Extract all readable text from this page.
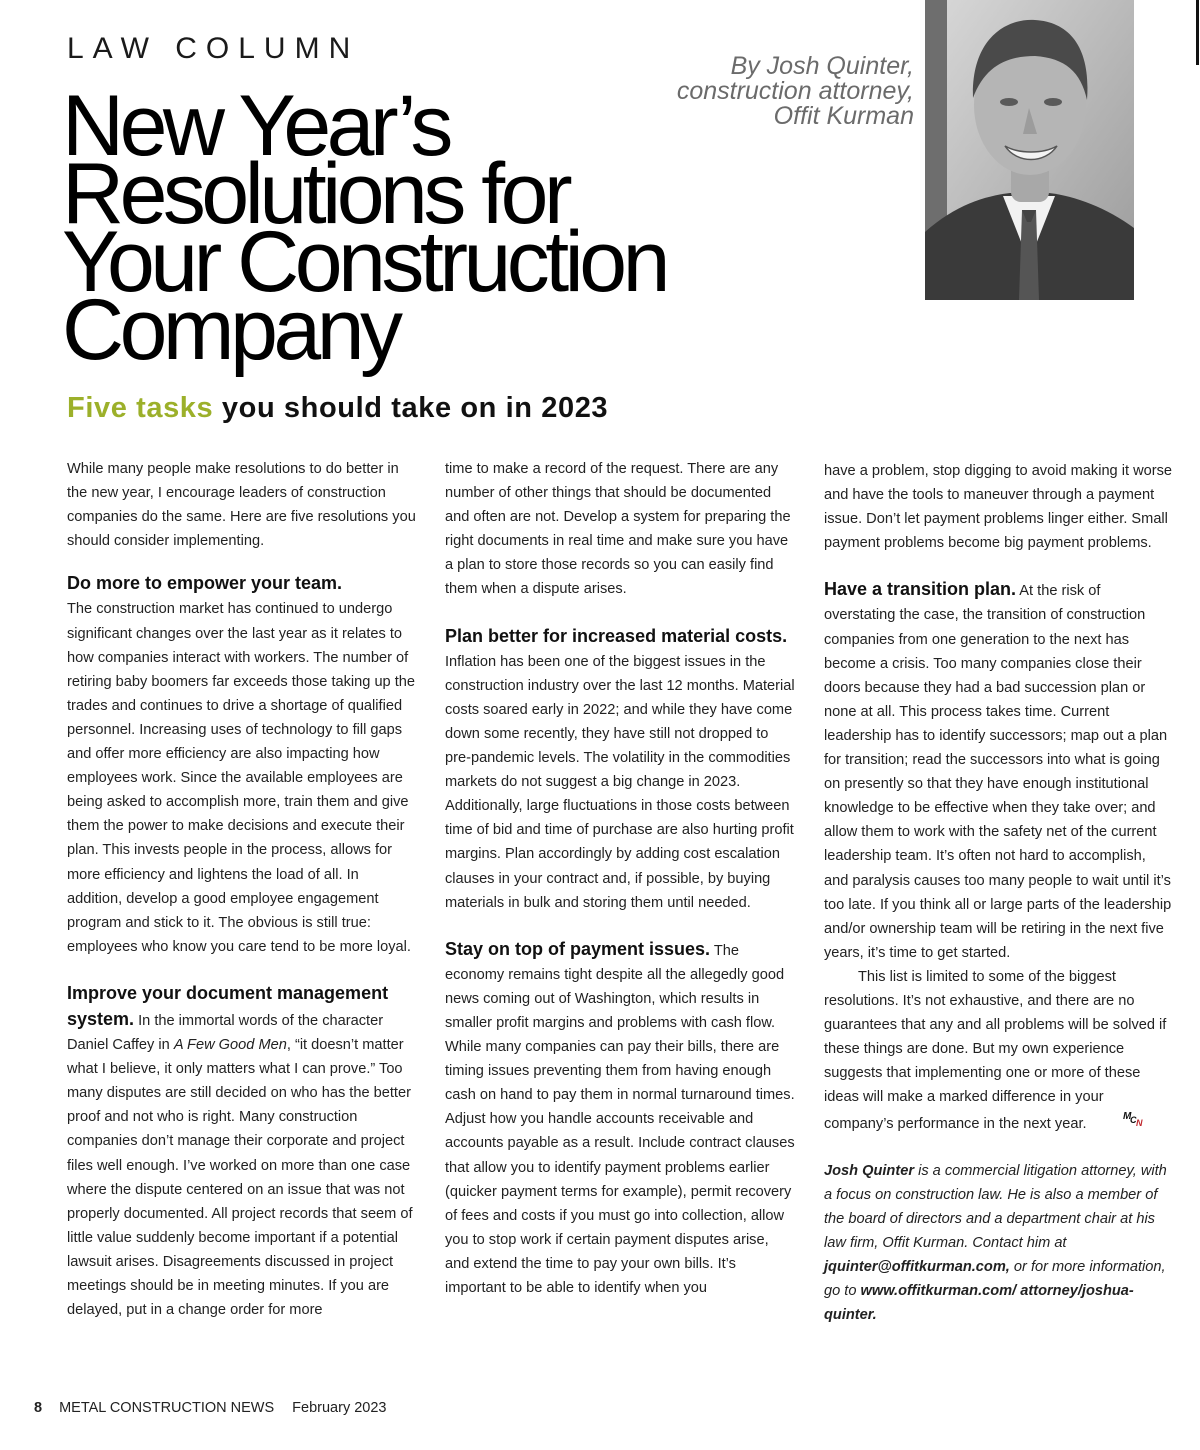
LAW COLUMN
New Year’s
Resolutions for
Your Construction
Company
By Josh Quinter,
construction attorney,
Offit Kurman
Five tasks you should take on in 2023

While many people make resolutions to do better in the new year, I encourage leaders of construction companies do the same. Here are five resolutions you should consider implementing.

Do more to empower your team.
The construction market has continued to undergo significant changes over the last year as it relates to how companies interact with workers. The number of retiring baby boomers far exceeds those taking up the trades and continues to drive a shortage of qualified personnel. Increasing uses of technology to fill gaps and offer more efficiency are also impacting how employees work. Since the available employees are being asked to accomplish more, train them and give them the power to make decisions and execute their plan. This invests people in the process, allows for more efficiency and lightens the load of all. In addition, develop a good employee engagement program and stick to it. The obvious is still true: employees who know you care tend to be more loyal.

Improve your document management system. In the immortal words of the character Daniel Caffey in A Few Good Men, “it doesn’t matter what I believe, it only matters what I can prove.” Too many disputes are still decided on who has the better proof and not who is right. Many construction companies don’t manage their corporate and project files well enough. I’ve worked on more than one case where the dispute centered on an issue that was not properly documented. All project records that seem of little value suddenly become important if a potential lawsuit arises. Disagreements discussed in project meetings should be in meeting minutes. If you are delayed, put in a change order for more

time to make a record of the request. There are any number of other things that should be documented and often are not. Develop a system for preparing the right documents in real time and make sure you have a plan to store those records so you can easily find them when a dispute arises.

Plan better for increased material costs. Inflation has been one of the biggest issues in the construction industry over the last 12 months. Material costs soared early in 2022; and while they have come down some recently, they have still not dropped to pre-pandemic levels. The volatility in the commodities markets do not suggest a big change in 2023. Additionally, large fluctuations in those costs between time of bid and time of purchase are also hurting profit margins. Plan accordingly by adding cost escalation clauses in your contract and, if possible, by buying materials in bulk and storing them until needed.

Stay on top of payment issues. The economy remains tight despite all the allegedly good news coming out of Washington, which results in smaller profit margins and problems with cash flow. While many companies can pay their bills, there are timing issues preventing them from having enough cash on hand to pay them in normal turnaround times. Adjust how you handle accounts receivable and accounts payable as a result. Include contract clauses that allow you to identify payment problems earlier (quicker payment terms for example), permit recovery of fees and costs if you must go into collection, allow you to stop work if certain payment disputes arise, and extend the time to pay your own bills. It’s important to be able to identify when you

have a problem, stop digging to avoid making it worse and have the tools to maneuver through a payment issue. Don’t let payment problems linger either. Small payment problems become big payment problems.

Have a transition plan. At the risk of overstating the case, the transition of construction companies from one generation to the next has become a crisis. Too many companies close their doors because they had a bad succession plan or none at all. This process takes time. Current leadership has to identify successors; map out a plan for transition; read the successors into what is going on presently so that they have enough institutional knowledge to be effective when they take over; and allow them to work with the safety net of the current leadership team. It’s often not hard to accomplish, and paralysis causes too many people to wait until it’s too late. If you think all or large parts of the leadership and/or ownership team will be retiring in the next five years, it’s time to get started.

This list is limited to some of the biggest resolutions. It’s not exhaustive, and there are no guarantees that any and all problems will be solved if these things are done. But my own experience suggests that implementing one or more of these ideas will make a marked difference in your company’s performance in the next year.	M
C N

Josh Quinter is a commercial litigation attorney, with a focus on construction law. He is also a member of the board of directors and a department chair at his law firm, Offit Kurman. Contact him at jquinter@offitkurman.com, or for more information, go to www.offitkurman.com/ attorney/joshua-quinter.

8 METAL CONSTRUCTION NEWS February 2023
